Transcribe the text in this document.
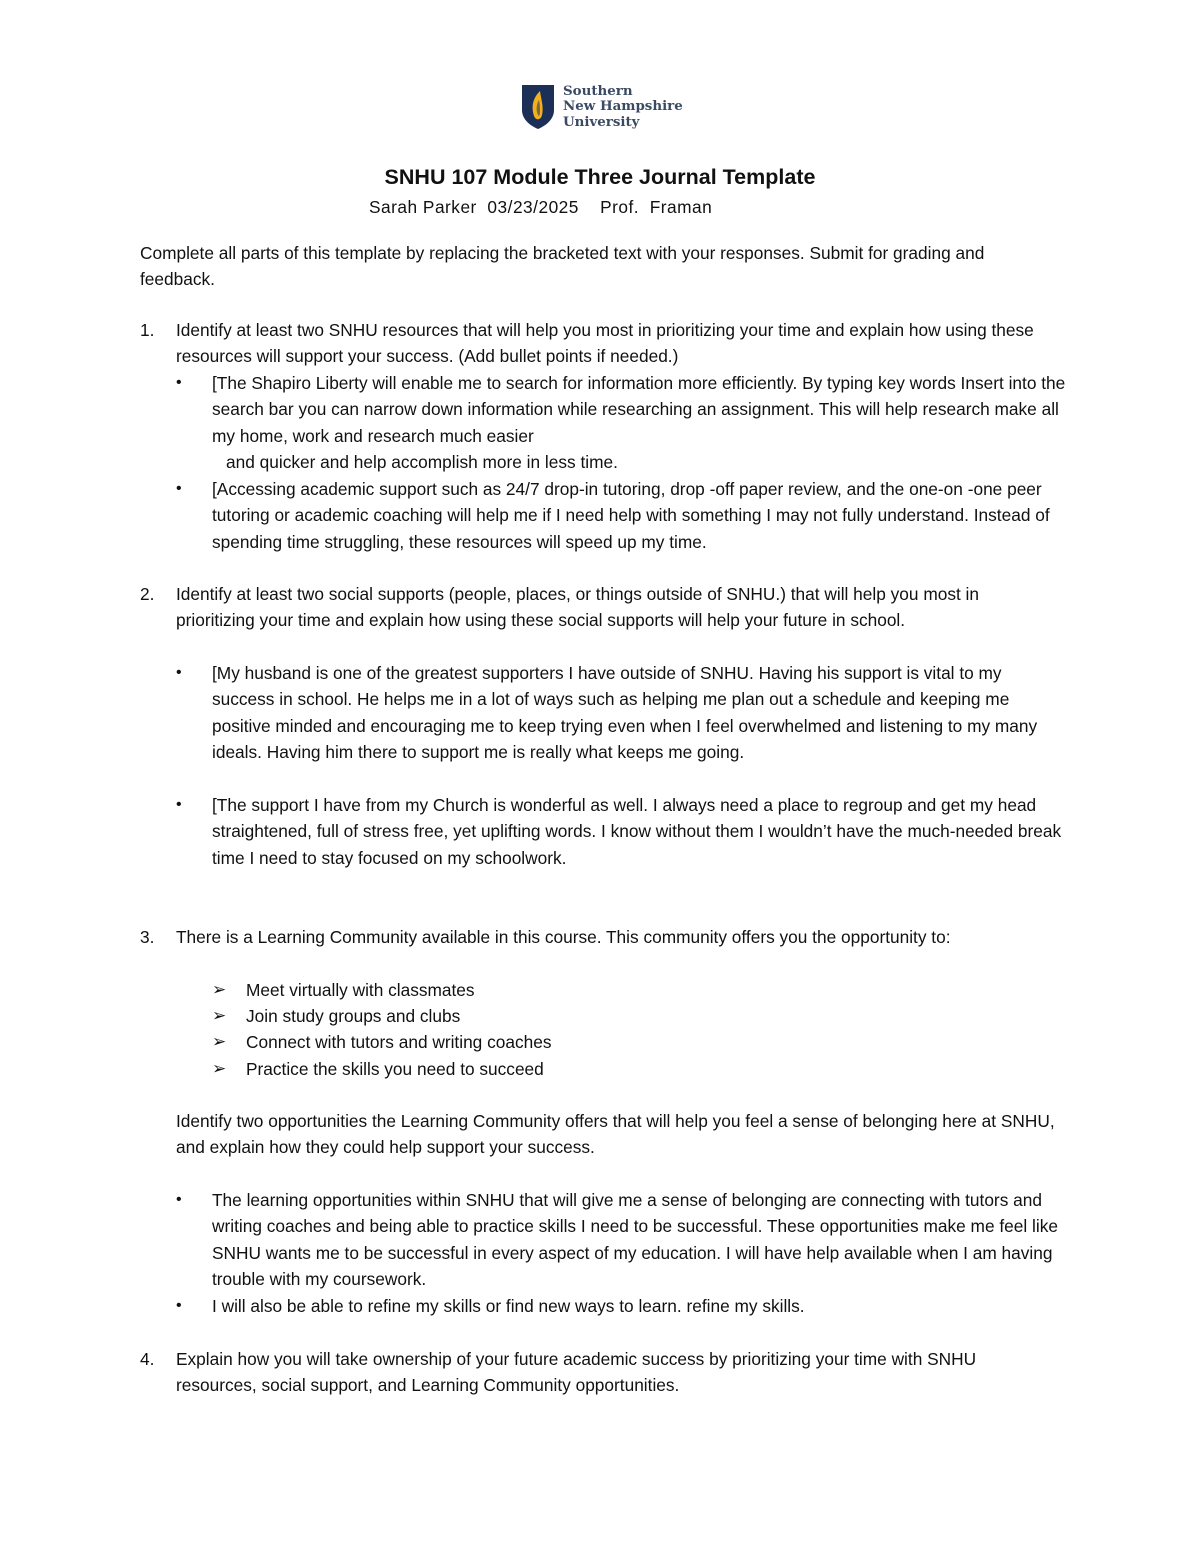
Southern
New Hampshire
University
SNHU 107 Module Three Journal Template
Sarah Parker  03/23/2025    Prof.  Framan
Complete all parts of this template by replacing the bracketed text with your responses. Submit for grading and feedback.
1.	Identify at least two SNHU resources that will help you most in prioritizing your time and explain how using these resources will support your success. (Add bullet points if needed.)
•	[The Shapiro Liberty will enable me to search for information more efficiently. By typing key words Insert into the search bar you can narrow down information while researching an assignment. This will help research make all my home, work and research much easier
and quicker and help accomplish more in less time.
•	[Accessing academic support such as 24/7 drop-in tutoring, drop -off paper review, and the one-on -one peer tutoring or academic coaching will help me if I need help with something I may not fully understand. Instead of spending time struggling, these resources will speed up my time.
2.	Identify at least two social supports (people, places, or things outside of SNHU.) that will help you most in prioritizing your time and explain how using these social supports will help your future in school.
•	[My husband is one of the greatest supporters I have outside of SNHU. Having his support is vital to my success in school. He helps me in a lot of ways such as helping me plan out a schedule and keeping me positive minded and encouraging me to keep trying even when I feel overwhelmed and listening to my many ideals. Having him there to support me is really what keeps me going.
•	[The support I have from my Church is wonderful as well. I always need a place to regroup and get my head straightened, full of stress free, yet uplifting words. I know without them I wouldn’t have the much-needed break time I need to stay focused on my schoolwork.
3.	There is a Learning Community available in this course. This community offers you the opportunity to:
➢	Meet virtually with classmates
➢	Join study groups and clubs
➢	Connect with tutors and writing coaches
➢	Practice the skills you need to succeed
Identify two opportunities the Learning Community offers that will help you feel a sense of belonging here at SNHU, and explain how they could help support your success.
•	The learning opportunities within SNHU that will give me a sense of belonging are connecting with tutors and writing coaches and being able to practice skills I need to be successful. These opportunities make me feel like SNHU wants me to be successful in every aspect of my education. I will have help available when I am having trouble with my coursework.
•	I will also be able to refine my skills or find new ways to learn. refine my skills.
4.	Explain how you will take ownership of your future academic success by prioritizing your time with SNHU resources, social support, and Learning Community opportunities.
